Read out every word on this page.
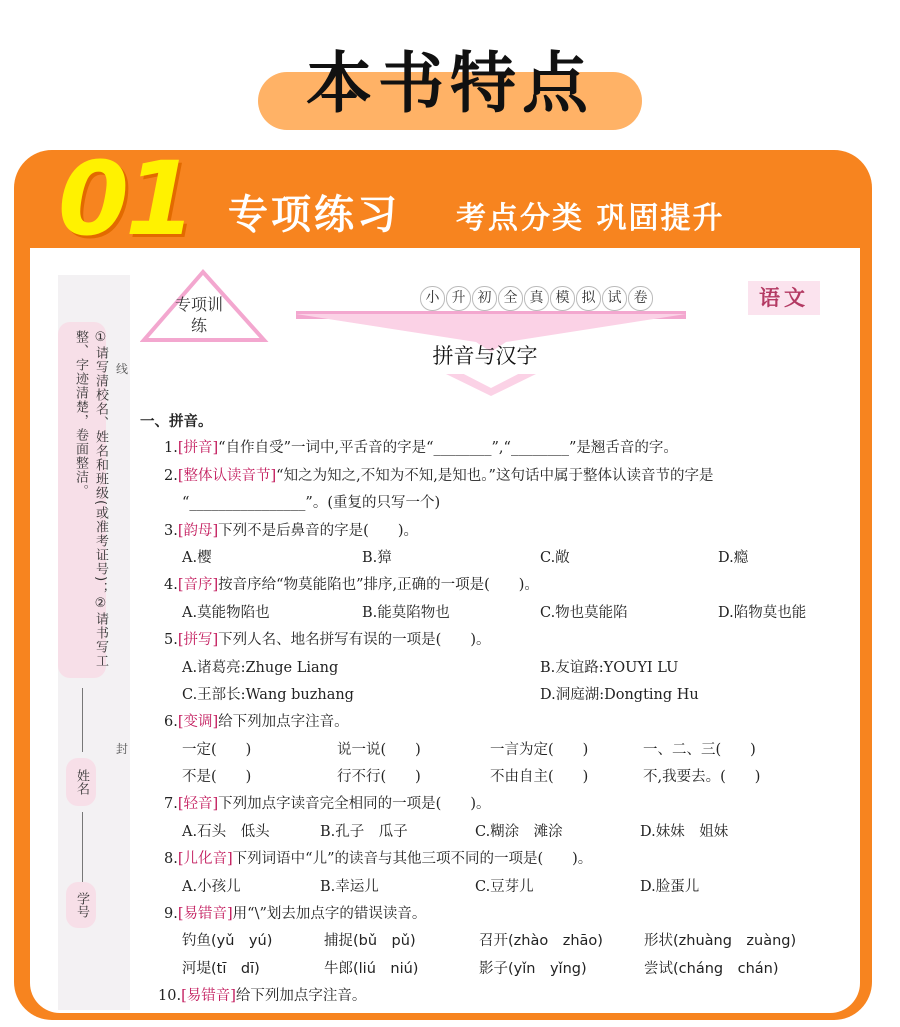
本书特点
01 专项练习 考点分类 巩固提升
①请写清校名、姓名和班级(或准考证号)；②请书写工整、字迹清楚，卷面整洁。	线
封
姓名
学号
专项训练
小 升 初 全 真 模 拟 试 卷	语文
拼音与汉字
一、拼音。
1.[拼音]“自作自受”一词中,平舌音的字是“________”,“________”是翘舌音的字。
2.[整体认读音节]“知之为知之,不知为不知,是知也。”这句话中属于整体认读音节的字是
“________________”。(重复的只写一个)
3.[韵母]下列不是后鼻音的字是(　　)。
A.樱	B.獐	C.敞	D.瘾
4.[音序]按音序给“物莫能陷也”排序,正确的一项是(　　)。
A.莫能物陷也	B.能莫陷物也	C.物也莫能陷	D.陷物莫也能
5.[拼写]下列人名、地名拼写有误的一项是(　　)。
A.诸葛亮:Zhuge Liang	B.友谊路:YOUYI LU
C.王部长:Wang buzhang	D.洞庭湖:Dongting Hu
6.[变调]给下列加点字注音。
一定(　　)	说一说(　　)	一言为定(　　)	一、二、三(　　)
不是(　　)	行不行(　　)	不由自主(　　)	不,我要去。(　　)
7.[轻音]下列加点字读音完全相同的一项是(　　)。
A.石头　低头	B.孔子　瓜子	C.糊涂　滩涂	D.妹妹　姐妹
8.[儿化音]下列词语中“儿”的读音与其他三项不同的一项是(　　)。
A.小孩儿	B.幸运儿	C.豆芽儿	D.脸蛋儿
9.[易错音]用“\”划去加点字的错误读音。
钓鱼(yǔ　yú)	捕捉(bǔ　pǔ)	召开(zhào　zhāo)	形状(zhuàng　zuàng)
河堤(tī　dī)	牛郎(liú　niú)	影子(yǐn　yǐng)	尝试(cháng　chán)
10.[易错音]给下列加点字注音。
